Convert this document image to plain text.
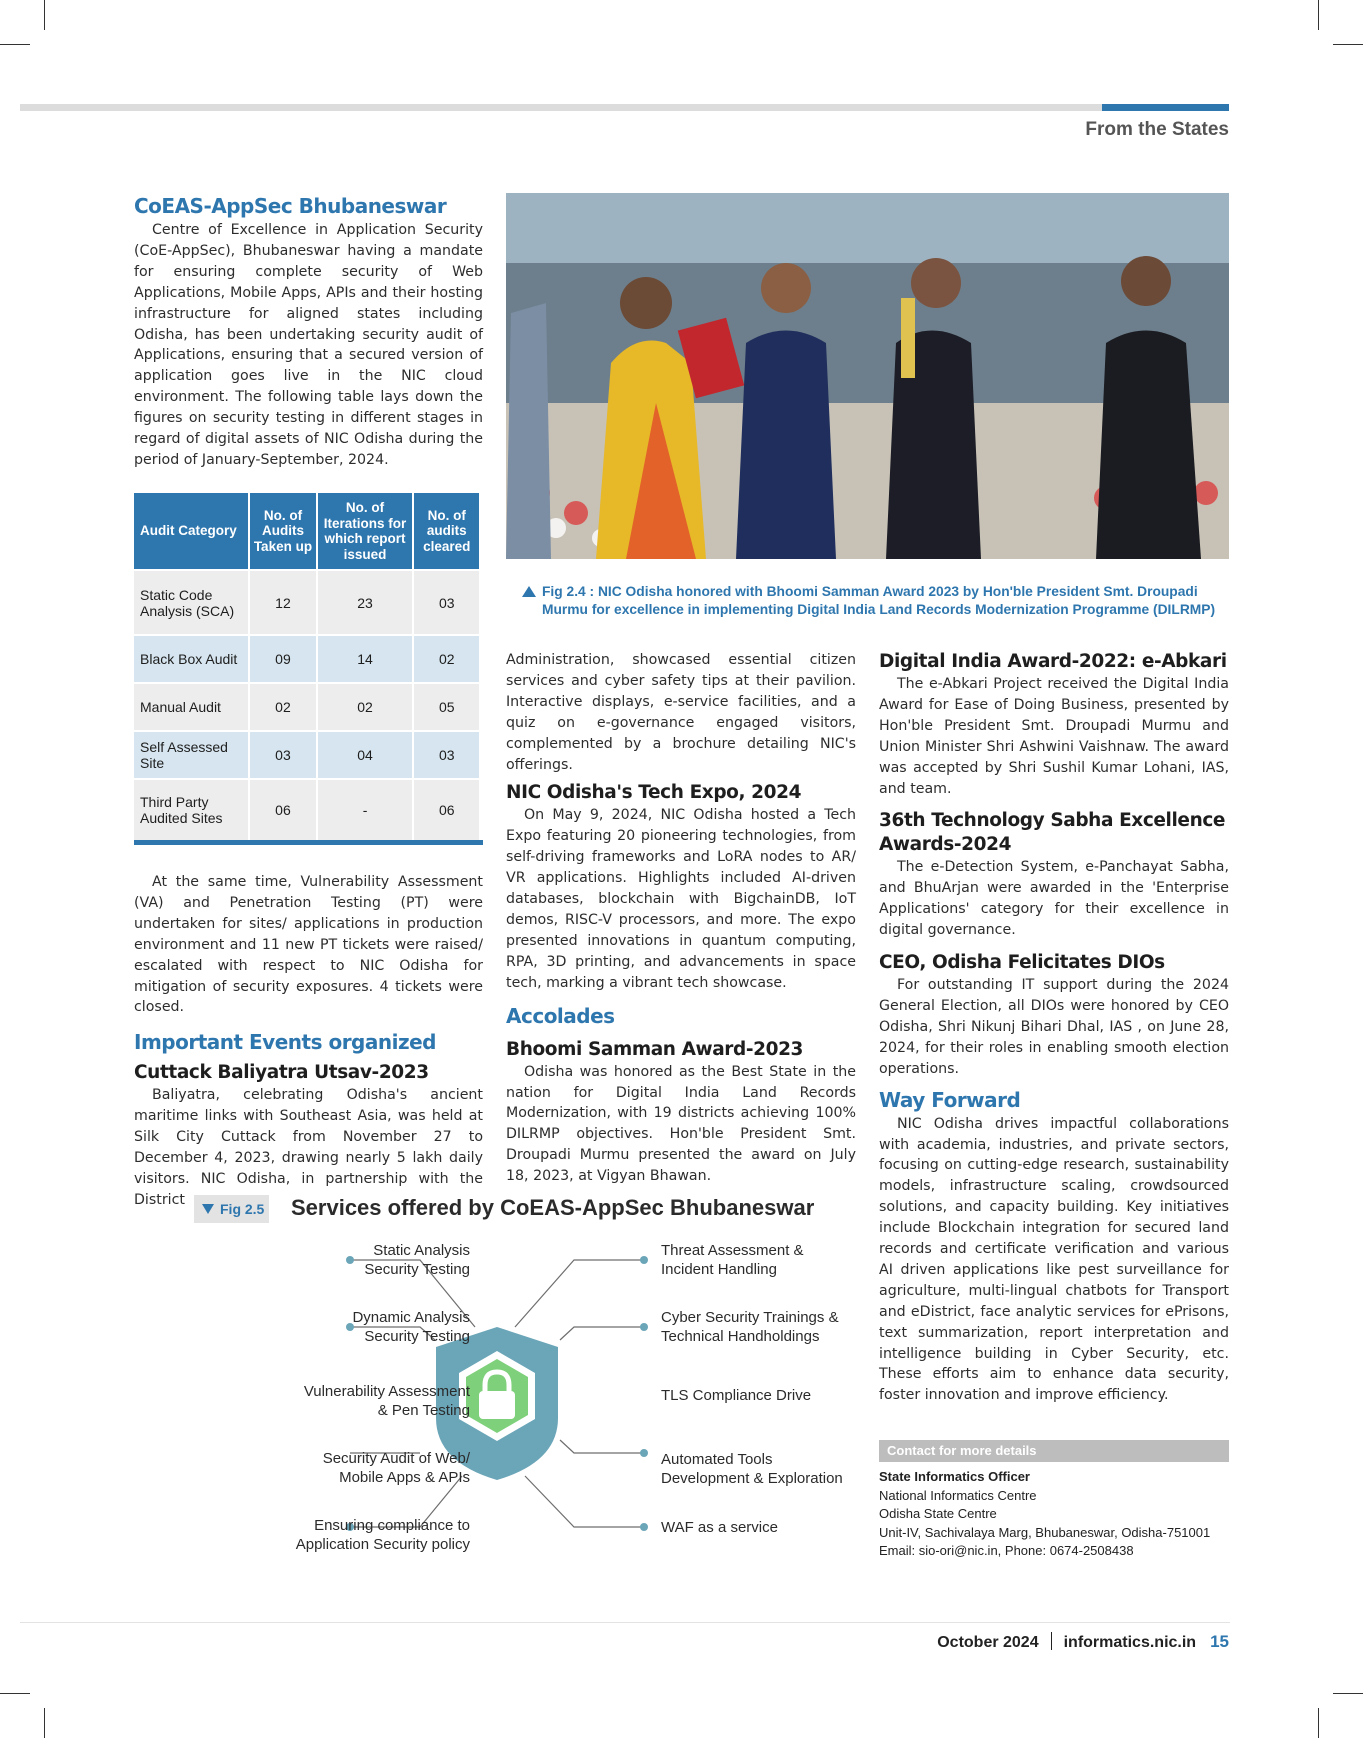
From the States
CoEAS-AppSec Bhubaneswar

Centre of Excellence in Application Security (CoE-AppSec), Bhubaneswar having a mandate for ensuring complete security of Web Applications, Mobile Apps, APIs and their hosting infrastructure for aligned states including Odisha, has been undertaking security audit of Applications, ensuring that a secured version of application goes live in the NIC cloud environment. The following table lays down the figures on security testing in different stages in regard of digital assets of NIC Odisha during the period of January-September, 2024.

Audit Category	No. of Audits Taken up	No. of Iterations for which report issued	No. of audits cleared
Static Code Analysis (SCA)	12	23	03
Black Box Audit	09	14	02
Manual Audit	02	02	05
Self Assessed Site	03	04	03
Third Party Audited Sites	06	-	06

At the same time, Vulnerability Assessment (VA) and Penetration Testing (PT) were undertaken for sites/ applications in production environment and 11 new PT tickets were raised/ escalated with respect to NIC Odisha for mitigation of security exposures. 4 tickets were closed.

Important Events organized
Cuttack Baliyatra Utsav-2023

Baliyatra, celebrating Odisha's ancient maritime links with Southeast Asia, was held at Silk City Cuttack from November 27 to December 4, 2023, drawing nearly 5 lakh daily visitors. NIC Odisha, in partnership with the District

Fig 2.4 : NIC Odisha honored with Bhoomi Samman Award 2023 by Hon'ble President Smt. Droupadi
Murmu for excellence in implementing Digital India Land Records Modernization Programme (DILRMP)

Administration, showcased essential citizen services and cyber safety tips at their pavilion. Interactive displays, e-service facilities, and a quiz on e-governance engaged visitors, complemented by a brochure detailing NIC's offerings.

NIC Odisha's Tech Expo, 2024

On May 9, 2024, NIC Odisha hosted a Tech Expo featuring 20 pioneering technologies, from self-driving frameworks and LoRA nodes to AR/ VR applications. Highlights included AI-driven databases, blockchain with BigchainDB, IoT demos, RISC-V processors, and more. The expo presented innovations in quantum computing, RPA, 3D printing, and advancements in space tech, marking a vibrant tech showcase.

Accolades
Bhoomi Samman Award-2023

Odisha was honored as the Best State in the nation for Digital India Land Records Modernization, with 19 districts achieving 100% DILRMP objectives. Hon'ble President Smt. Droupadi Murmu presented the award on July 18, 2023, at Vigyan Bhawan.

Digital India Award-2022: e-Abkari

The e-Abkari Project received the Digital India Award for Ease of Doing Business, presented by Hon'ble President Smt. Droupadi Murmu and Union Minister Shri Ashwini Vaishnaw. The award was accepted by Shri Sushil Kumar Lohani, IAS, and team.

36th Technology Sabha Excellence Awards-2024

The e-Detection System, e-Panchayat Sabha, and BhuArjan were awarded in the 'Enterprise Applications' category for their excellence in digital governance.

CEO, Odisha Felicitates DIOs

For outstanding IT support during the 2024 General Election, all DIOs were honored by CEO Odisha, Shri Nikunj Bihari Dhal, IAS , on June 28, 2024, for their roles in enabling smooth election operations.

Way Forward

NIC Odisha drives impactful collaborations with academia, industries, and private sectors, focusing on cutting-edge research, sustainability models, infrastructure scaling, crowdsourced solutions, and capacity building. Key initiatives include Blockchain integration for secured land records and certificate verification and various AI driven applications like pest surveillance for agriculture, multi-lingual chatbots for Transport and eDistrict, face analytic services for ePrisons, text summarization, report interpretation and intelligence building in Cyber Security, etc. These efforts aim to enhance data security, foster innovation and improve efficiency.

Contact for more details
State Informatics Officer
National Informatics Centre
Odisha State Centre
Unit-IV, Sachivalaya Marg, Bhubaneswar, Odisha-751001
Email: sio-ori@nic.in, Phone: 0674-2508438
Fig 2.5 Services offered by CoEAS-AppSec Bhubaneswar
Static Analysis
Security Testing
Dynamic Analysis
Security Testing
Vulnerability Assessment
& Pen Testing
Security Audit of Web/
Mobile Apps & APIs
Ensuring compliance to
Application Security policy
Threat Assessment &
Incident Handling
Cyber Security Trainings &
Technical Handholdings
TLS Compliance Drive
Automated Tools
Development & Exploration
WAF as a service
October 2024 informatics.nic.in 15
